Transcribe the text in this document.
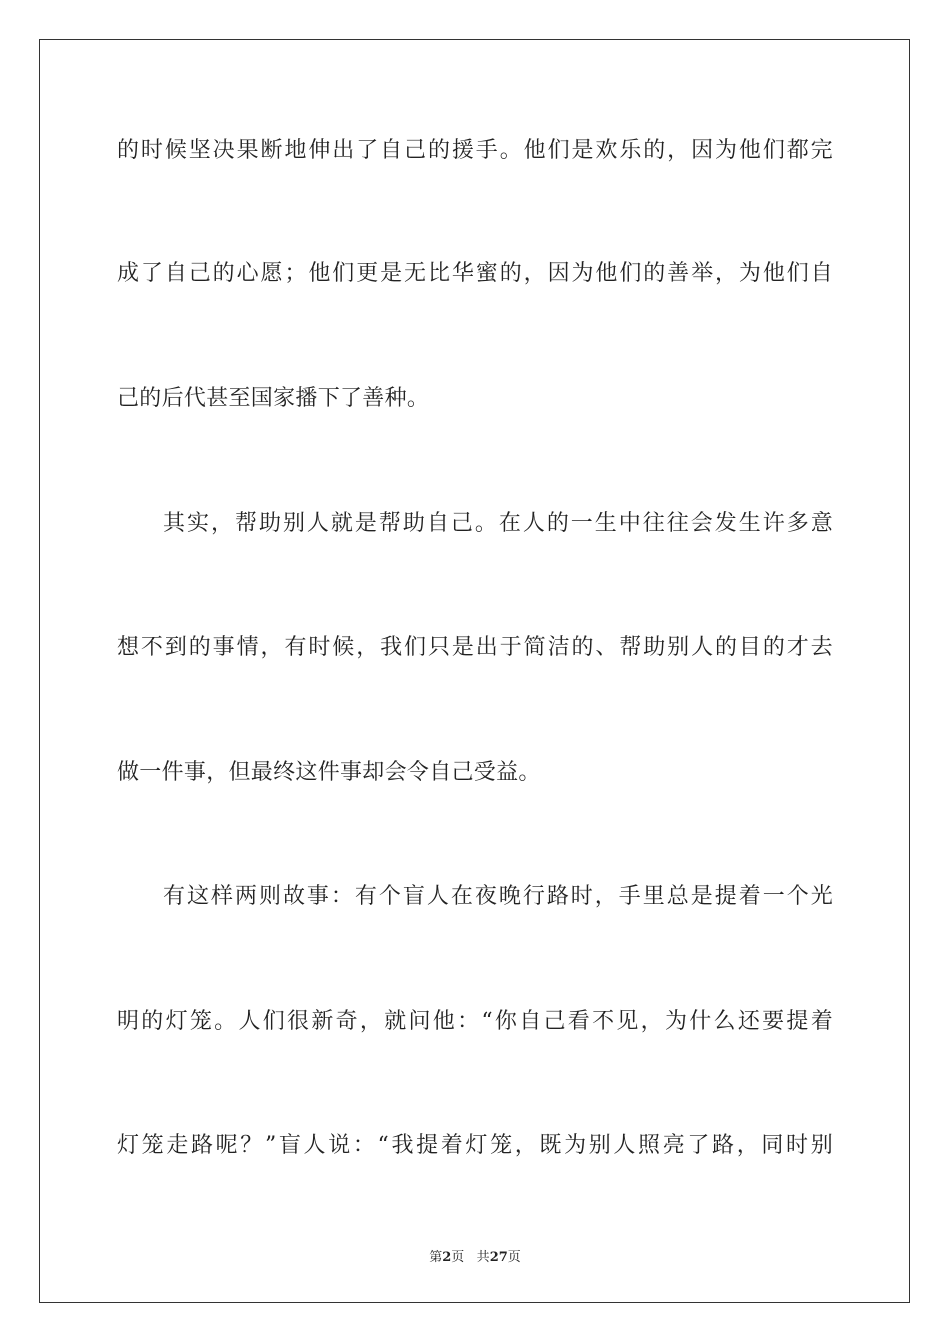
的时候坚决果断地伸出了自己的援手。他们是欢乐的，因为他们都完
成了自己的心愿；他们更是无比华蜜的，因为他们的善举，为他们自
己的后代甚至国家播下了善种。
其实，帮助别人就是帮助自己。在人的一生中往往会发生许多意
想不到的事情，有时候，我们只是出于简洁的、帮助别人的目的才去
做一件事，但最终这件事却会令自己受益。
有这样两则故事：有个盲人在夜晚行路时，手里总是提着一个光
明的灯笼。人们很新奇，就问他：“你自己看不见，为什么还要提着
灯笼走路呢？”盲人说：“我提着灯笼，既为别人照亮了路，同时别
第2页 共27页
